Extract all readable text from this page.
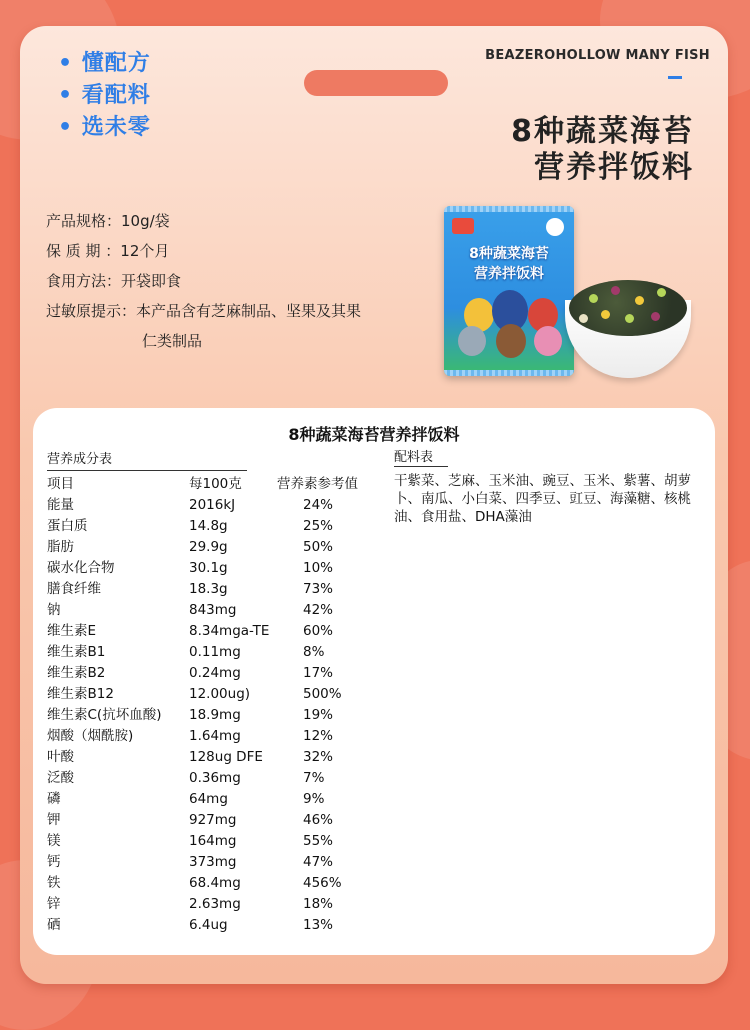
• 懂配方
• 看配料
• 选未零
BEAZEROHOLLOW MANY FISH
8种蔬菜海苔
营养拌饭料
产品规格：10g/袋
保 质 期 ：12个月
食用方法：开袋即食
过敏原提示：本产品含有芝麻制品、坚果及其果
仁类制品
8种蔬菜海苔
营养拌饭料
8种蔬菜海苔营养拌饭料
营养成分表
项目	每100克	营养素参考值
能量	2016kJ	24%
蛋白质	14.8g	25%
脂肪	29.9g	50%
碳水化合物	30.1g	10%
膳食纤维	18.3g	73%
钠	843mg	42%
维生素E	8.34mga-TE 60%
维生素B1	0.11mg	8%
维生素B2	0.24mg	17%
维生素B12	12.00ug)	500%
维生素C(抗坏血酸) 18.9mg	19%
烟酸（烟酰胺)	1.64mg	12%
叶酸	128ug DFE	32%
泛酸	0.36mg	7%
磷	64mg	9%
钾	927mg	46%
镁	164mg	55%
钙	373mg	47%
铁	68.4mg	456%
锌	2.63mg	18%
硒	6.4ug	13%
配料表
干紫菜、芝麻、玉米油、豌豆、玉米、紫薯、胡萝卜、南瓜、小白菜、四季豆、豇豆、海藻糖、核桃油、食用盐、DHA藻油
